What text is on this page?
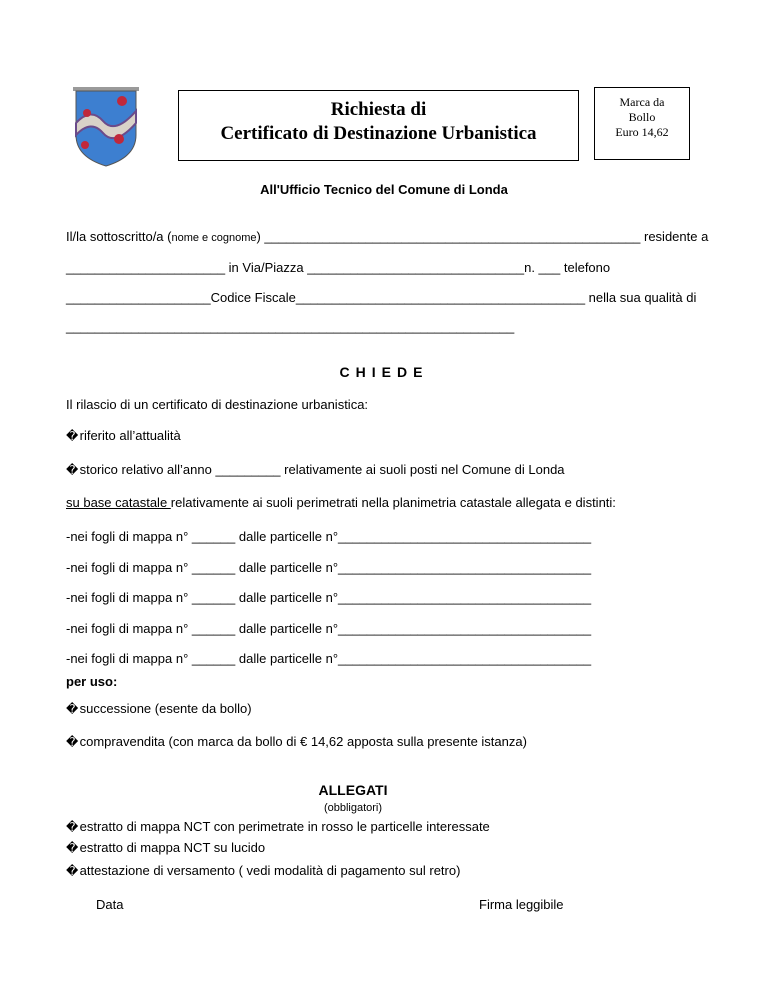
Richiesta di
Certificato di Destinazione Urbanistica
Marca da
Bollo
Euro 14,62
All'Ufficio Tecnico del Comune di Londa
Il/la sottoscritto/a (nome e cognome) ____________________________________________________ residente a
______________________ in Via/Piazza ______________________________n. ___ telefono
____________________Codice Fiscale________________________________________ nella sua qualità di
______________________________________________________________
CHIEDE
Il rilascio di un certificato di destinazione urbanistica:
� riferito all’attualità
� storico relativo all’anno _________ relativamente ai suoli posti nel Comune di Londa
su base catastale relativamente ai suoli perimetrati nella planimetria catastale allegata e distinti:
-nei fogli di mappa n° ______ dalle particelle n°___________________________________
-nei fogli di mappa n° ______ dalle particelle n°___________________________________
-nei fogli di mappa n° ______ dalle particelle n°___________________________________
-nei fogli di mappa n° ______ dalle particelle n°___________________________________
-nei fogli di mappa n° ______ dalle particelle n°___________________________________
per uso:
� successione (esente da bollo)
� compravendita (con marca da bollo di € 14,62 apposta sulla presente istanza)
ALLEGATI
(obbligatori)
� estratto di mappa NCT con perimetrate in rosso le particelle interessate
� estratto di mappa NCT su lucido
� attestazione di versamento ( vedi modalità di pagamento sul retro)
Data	Firma leggibile
